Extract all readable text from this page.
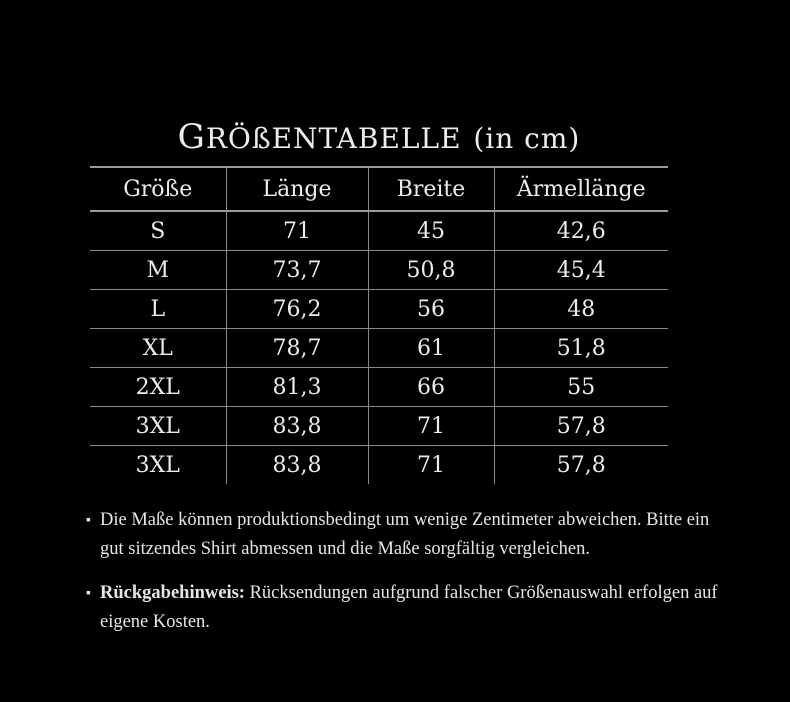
GRÖßENTABELLE (in cm)
Größe	Länge	Breite	Ärmellänge
S	71	45	42,6
M	73,7	50,8	45,4
L	76,2	56	48
XL	78,7	61	51,8
2XL	81,3	66	55
3XL	83,8	71	57,8
3XL	83,8	71	57,8
▪ Die Maße können produktionsbedingt um wenige Zentimeter abweichen. Bitte ein gut sitzendes Shirt abmessen und die Maße sorgfältig vergleichen.
▪ Rückgabehinweis: Rücksendungen aufgrund falscher Größenauswahl erfolgen auf eigene Kosten.
